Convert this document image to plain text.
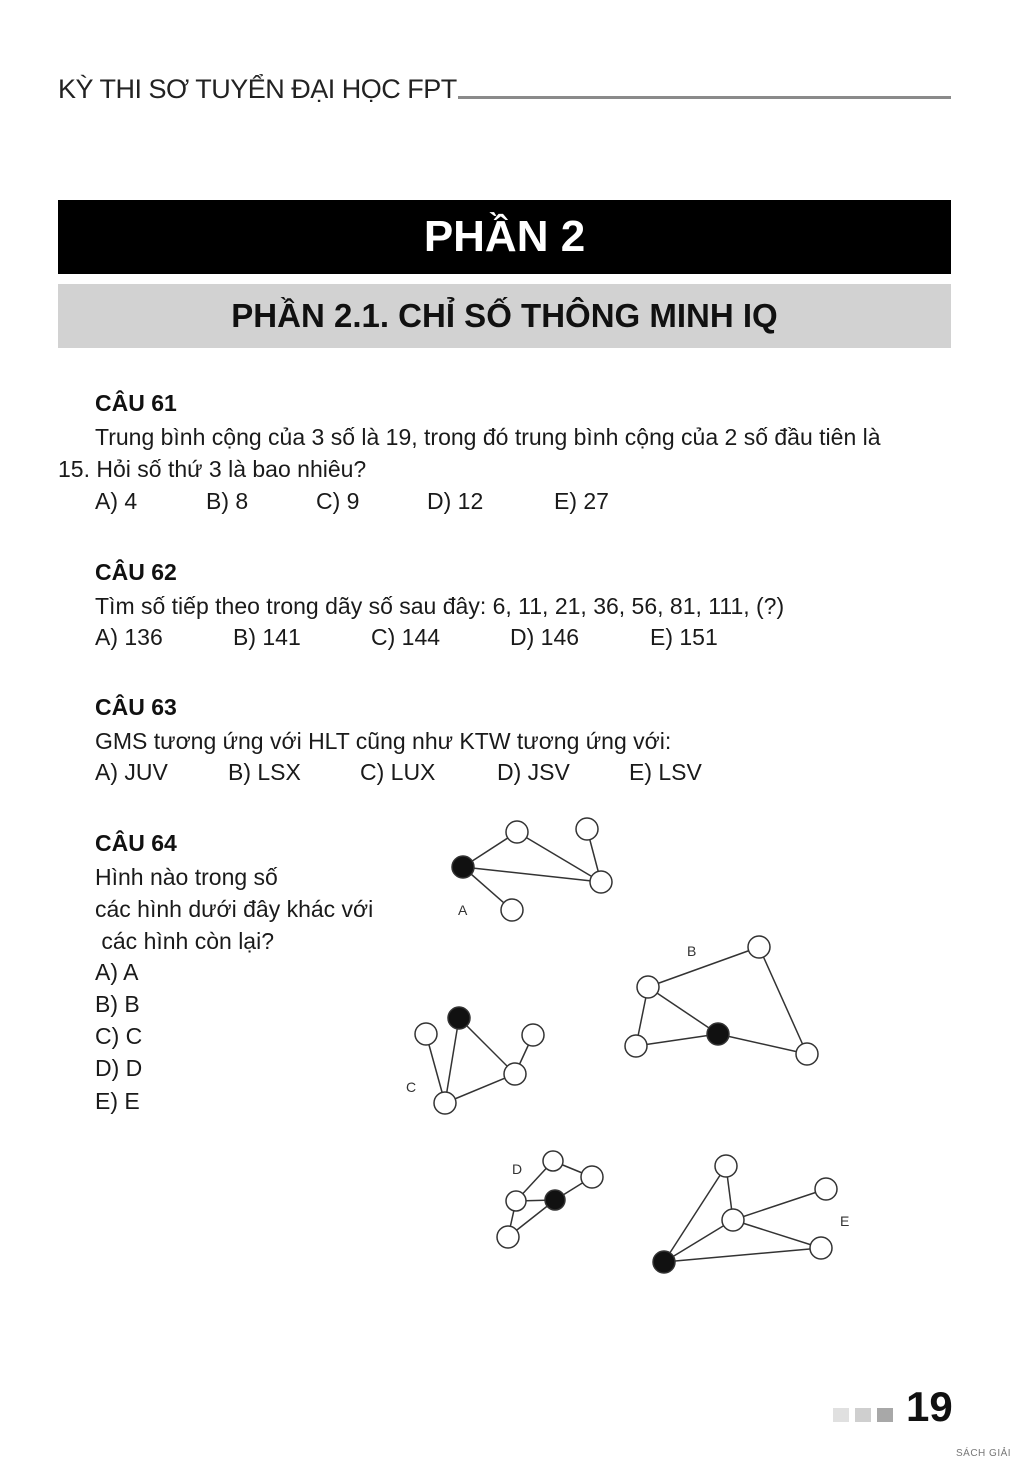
KỲ THI SƠ TUYỂN ĐẠI HỌC FPT
PHẦN 2
PHẦN 2.1. CHỈ SỐ THÔNG MINH IQ
CÂU 61
Trung bình cộng của 3 số là 19, trong đó trung bình cộng của 2 số đầu tiên là
15. Hỏi số thứ 3 là bao nhiêu?
A) 4	B) 8	C) 9	D) 12	E) 27
CÂU 62
Tìm số tiếp theo trong dãy số sau đây: 6, 11, 21, 36, 56, 81, 111, (?)
A) 136	B) 141	C) 144	D) 146	E) 151
CÂU 63
GMS tương ứng với HLT cũng như KTW tương ứng với:
A) JUV	B) LSX	C) LUX	D) JSV	E) LSV
CÂU 64
Hình nào trong số
các hình dưới đây khác với
các hình còn lại?
A) A
B) B
C) C
D) D
E) E
A
B
C
D
E
19
SÁCH GIẢI
